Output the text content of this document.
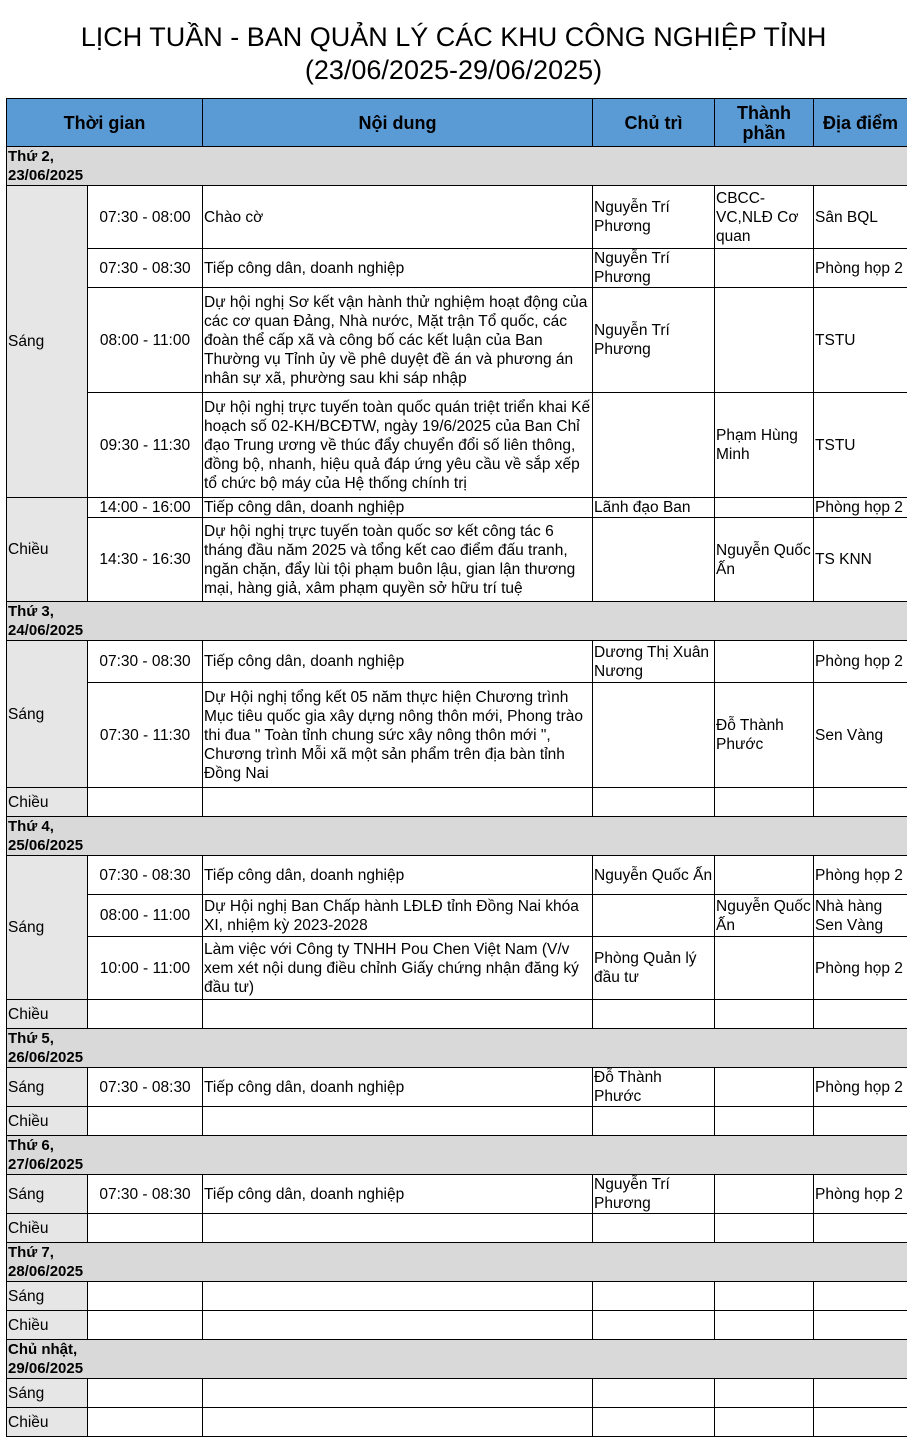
LỊCH TUẦN - BAN QUẢN LÝ CÁC KHU CÔNG NGHIỆP TỈNH
(23/06/2025-29/06/2025)
Thời gian		Nội dung	Chủ trì	Thành phần	Địa điểm
Thứ 2, 23/06/2025					
Sáng	07:30 - 08:00	Chào cờ	Nguyễn Trí Phương	CBCC-VC,NLĐ Cơ quan	Sân BQL
	07:30 - 08:30	Tiếp công dân, doanh nghiệp	Nguyễn Trí Phương		Phòng họp 2
	08:00 - 11:00	Dự hội nghị Sơ kết vận hành thử nghiệm hoạt động của các cơ quan Đảng, Nhà nước, Mặt trận Tổ quốc, các đoàn thể cấp xã và công bố các kết luận của Ban Thường vụ Tỉnh ủy về phê duyệt đề án và phương án nhân sự xã, phường sau khi sáp nhập	Nguyễn Trí Phương		TSTU
	09:30 - 11:30	Dự hội nghị trực tuyến toàn quốc quán triệt triển khai Kế hoạch số 02-KH/BCĐTW, ngày 19/6/2025 của Ban Chỉ đạo Trung ương về thúc đẩy chuyển đổi số liên thông, đồng bộ, nhanh, hiệu quả đáp ứng yêu cầu về sắp xếp tổ chức bộ máy của Hệ thống chính trị		Phạm Hùng Minh	TSTU
Chiều	14:00 - 16:00	Tiếp công dân, doanh nghiệp	Lãnh đạo Ban		Phòng họp 2
	14:30 - 16:30	Dự hội nghị trực tuyến toàn quốc sơ kết công tác 6 tháng đầu năm 2025 và tổng kết cao điểm đấu tranh, ngăn chặn, đẩy lùi tội phạm buôn lậu, gian lận thương mại, hàng giả, xâm phạm quyền sở hữu trí tuệ		Nguyễn Quốc Ấn	TS KNN
Thứ 3, 24/06/2025					
Sáng	07:30 - 08:30	Tiếp công dân, doanh nghiệp	Dương Thị Xuân Nương		Phòng họp 2
	07:30 - 11:30	Dự Hội nghị tổng kết 05 năm thực hiện Chương trình Mục tiêu quốc gia xây dựng nông thôn mới, Phong trào thi đua " Toàn tỉnh chung sức xây nông thôn mới ", Chương trình Mỗi xã một sản phẩm trên địa bàn tỉnh Đồng Nai		Đỗ Thành Phước	Sen Vàng
Chiều					
Thứ 4, 25/06/2025					
Sáng	07:30 - 08:30	Tiếp công dân, doanh nghiệp	Nguyễn Quốc Ấn		Phòng họp 2
	08:00 - 11:00	Dự Hội nghị Ban Chấp hành LĐLĐ tỉnh Đồng Nai khóa XI, nhiệm kỳ 2023-2028		Nguyễn Quốc Ấn	Nhà hàng Sen Vàng
	10:00 - 11:00	Làm việc với Công ty TNHH Pou Chen Việt Nam (V/v xem xét nội dung điều chỉnh Giấy chứng nhận đăng ký đầu tư)	Phòng Quản lý đầu tư		Phòng họp 2
Chiều					
Thứ 5, 26/06/2025					
Sáng	07:30 - 08:30	Tiếp công dân, doanh nghiệp	Đỗ Thành Phước		Phòng họp 2
Chiều					
Thứ 6, 27/06/2025					
Sáng	07:30 - 08:30	Tiếp công dân, doanh nghiệp	Nguyễn Trí Phương		Phòng họp 2
Chiều					
Thứ 7, 28/06/2025					
Sáng					
Chiều					
Chủ nhật, 29/06/2025					
Sáng					
Chiều					
